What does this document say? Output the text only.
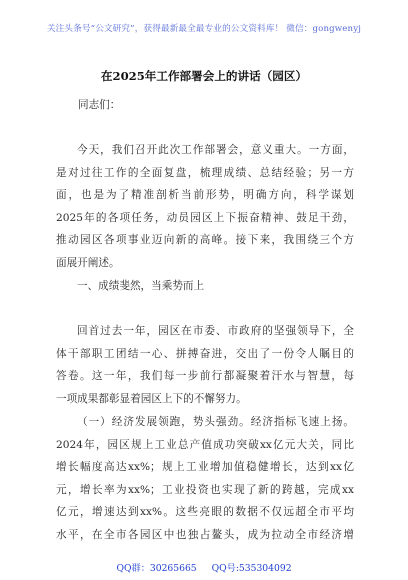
关注头条号“公文研究”，获得最新最全最专业的公文资料库！ 微信：gongwenyj
在2025年工作部署会上的讲话（园区）
同志们：
今天，我们召开此次工作部署会，意义重大。一方面，
是对过往工作的全面复盘，梳理成绩、总结经验；另一方
面，也是为了精准剖析当前形势，明确方向，科学谋划
2025年的各项任务，动员园区上下振奋精神、鼓足干劲，
推动园区各项事业迈向新的高峰。接下来，我围绕三个方
面展开阐述。
一、成绩斐然，当乘势而上
回首过去一年，园区在市委、市政府的坚强领导下，全
体干部职工团结一心、拼搏奋进，交出了一份令人瞩目的
答卷。这一年，我们每一步前行都凝聚着汗水与智慧，每
一项成果都彰显着园区上下的不懈努力。
（一）经济发展领跑，势头强劲。经济指标飞速上扬。
2024年，园区规上工业总产值成功突破xx亿元大关，同比
增长幅度高达xx%；规上工业增加值稳健增长，达到xx亿
元，增长率为xx%；工业投资也实现了新的跨越，完成xx
亿元，增速达到xx%。这些亮眼的数据不仅远超全市平均
水平，在全市各园区中也独占鳌头，成为拉动全市经济增
QQ群：30265665 QQ号:535304092
